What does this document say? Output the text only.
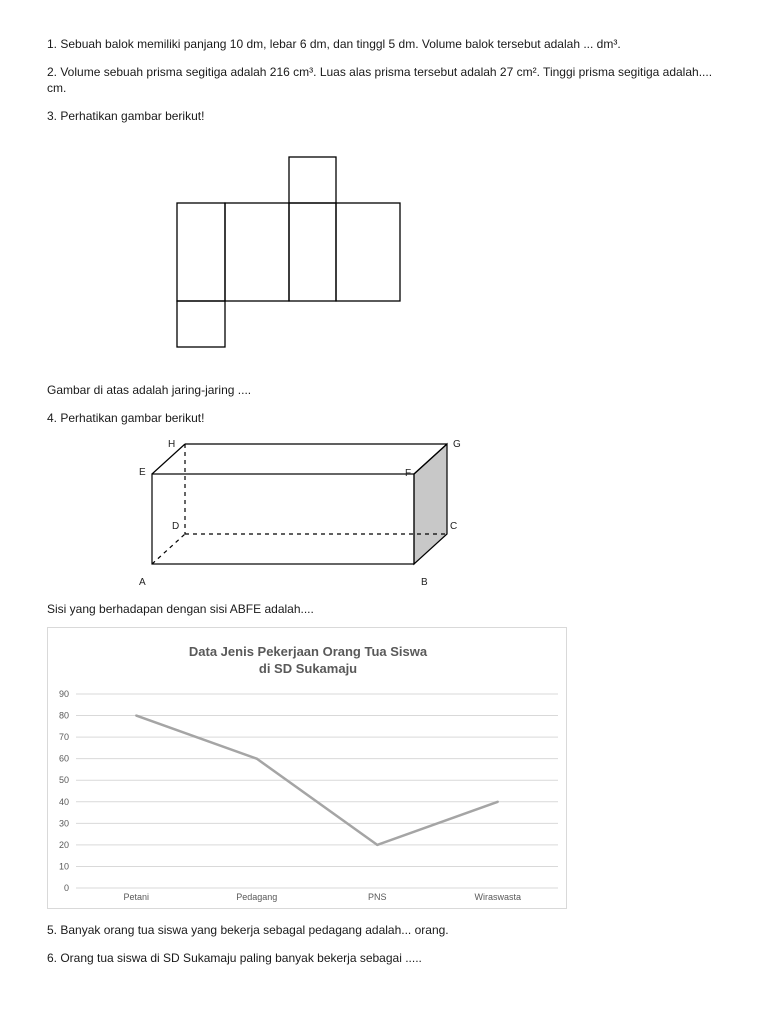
1. Sebuah balok memiliki panjang 10 dm, lebar 6 dm, dan tinggl 5 dm. Volume balok tersebut adalah ... dm³.

2. Volume sebuah prisma segitiga adalah 216 cm³. Luas alas prisma tersebut adalah 27 cm². Tinggi prisma segitiga adalah.... cm.

3. Perhatikan gambar berikut!

Gambar di atas adalah jaring-jaring ....

4. Perhatikan gambar berikut!

H	G
E	F
D	C
A	B

Sisi yang berhadapan dengan sisi ABFE adalah....

Data Jenis Pekerjaan Orang Tua Siswa
di SD Sukamaju
0
10
20
30
40
50
60
70
80
90
Petani	Pedagang	PNS	Wiraswasta

5. Banyak orang tua siswa yang bekerja sebagal pedagang adalah... orang.

6. Orang tua siswa di SD Sukamaju paling banyak bekerja sebagai .....
